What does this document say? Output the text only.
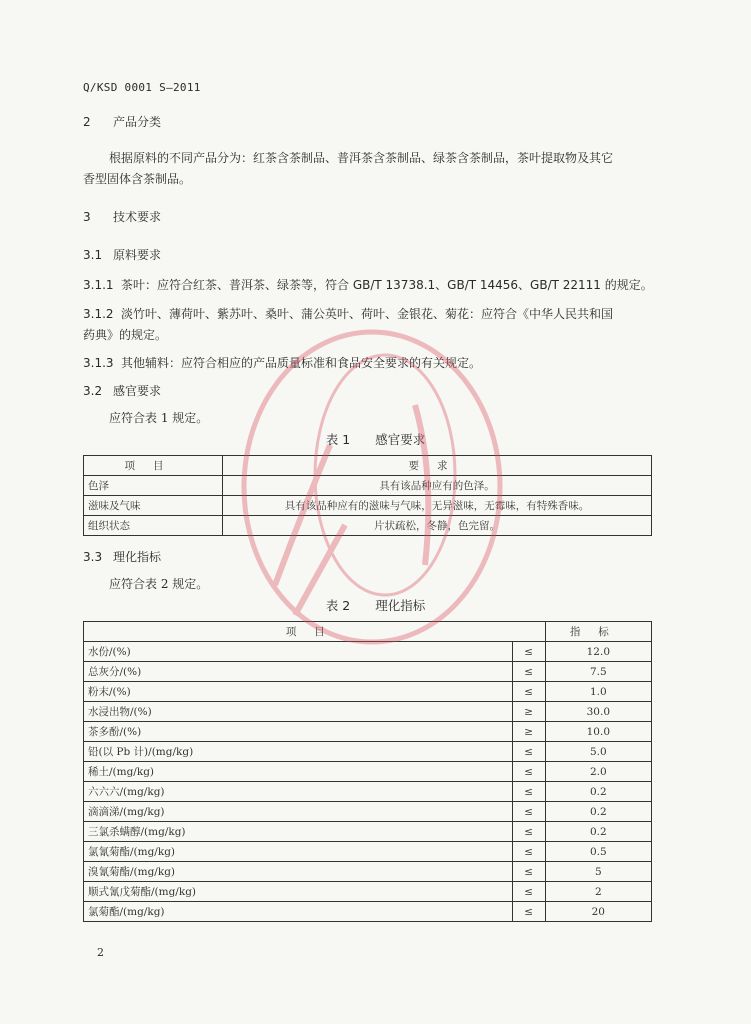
Q/KSD 0001 S—2011
2 产品分类
根据原料的不同产品分为：红茶含茶制品、普洱茶含茶制品、绿茶含茶制品，茶叶提取物及其它
香型固体含茶制品。
3 技术要求
3.1 原料要求
3.1.1 茶叶：应符合红茶、普洱茶、绿茶等，符合 GB/T 13738.1、GB/T 14456、GB/T 22111 的规定。
3.1.2 淡竹叶、薄荷叶、紫苏叶、桑叶、蒲公英叶、荷叶、金银花、菊花：应符合《中华人民共和国
药典》的规定。
3.1.3 其他辅料：应符合相应的产品质量标准和食品安全要求的有关规定。
3.2 感官要求
应符合表 1 规定。
表 1　　感官要求
项目	要求
色泽	具有该品种应有的色泽。
滋味及气味	具有该品种应有的滋味与气味，无异滋味，无霉味，有特殊香味。
组织状态	片状疏松，冬静，色完留。
3.3 理化指标
应符合表 2 规定。
表 2　　理化指标
项目		指标
水份/(%)	≤	12.0
总灰分/(%)	≤	7.5
粉末/(%)	≤	1.0
水浸出物/(%)	≥	30.0
茶多酚/(%)	≥	10.0
铅(以 Pb 计)/(mg/kg)	≤	5.0
稀土/(mg/kg)	≤	2.0
六六六/(mg/kg)	≤	0.2
滴滴涕/(mg/kg)	≤	0.2
三氯杀螨醇/(mg/kg)	≤	0.2
氯氰菊酯/(mg/kg)	≤	0.5
溴氰菊酯/(mg/kg)	≤	5
顺式氰戊菊酯/(mg/kg)	≤	2
氯菊酯/(mg/kg)	≤	20
2
